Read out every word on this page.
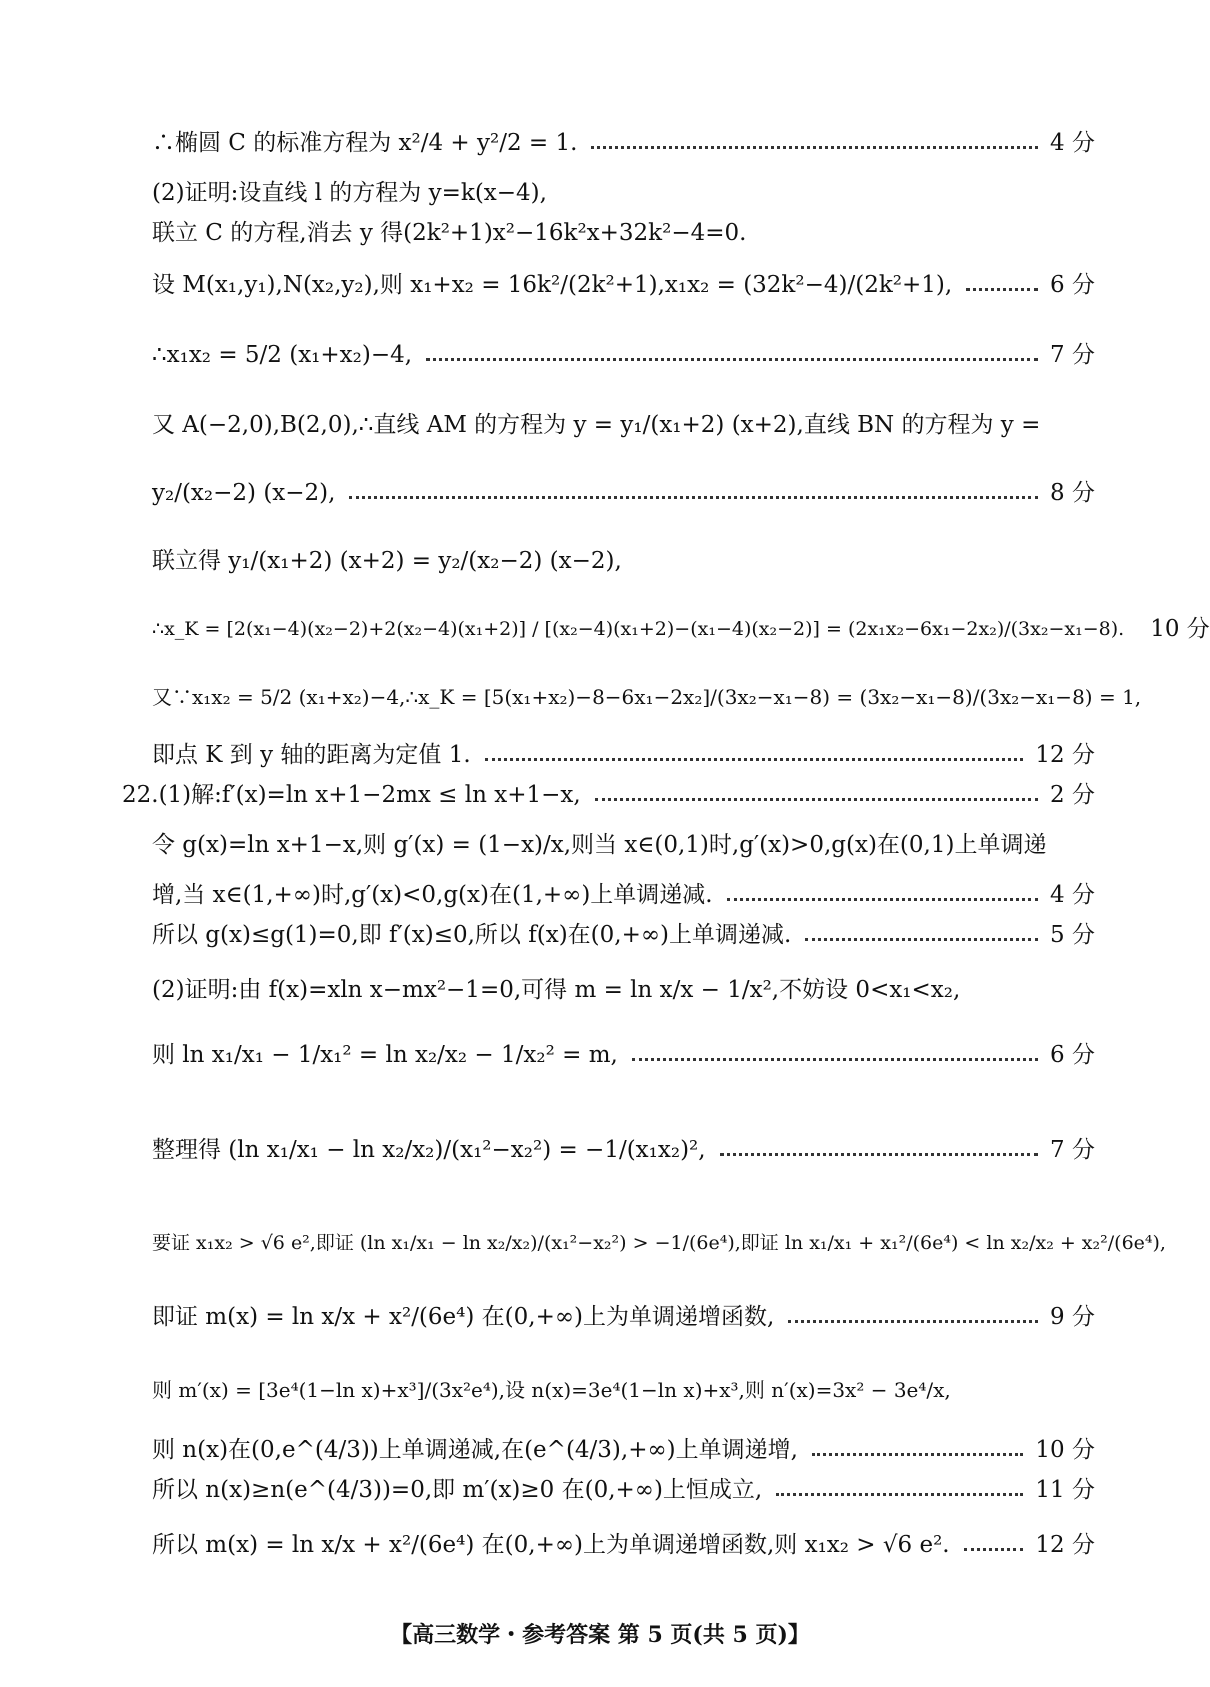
∴椭圆 C 的标准方程为 x²/4 + y²/2 = 1.	4 分
(2)证明:设直线 l 的方程为 y=k(x−4),
联立 C 的方程,消去 y 得(2k²+1)x²−16k²x+32k²−4=0.
设 M(x₁,y₁),N(x₂,y₂),则 x₁+x₂ = 16k²/(2k²+1),x₁x₂ = (32k²−4)/(2k²+1),	6 分
∴x₁x₂ = 5/2 (x₁+x₂)−4,	7 分
又 A(−2,0),B(2,0),∴直线 AM 的方程为 y = y₁/(x₁+2) (x+2),直线 BN 的方程为 y =
y₂/(x₂−2) (x−2),	8 分
联立得 y₁/(x₁+2) (x+2) = y₂/(x₂−2) (x−2),
∴x_K = [2(x₁−4)(x₂−2)+2(x₂−4)(x₁+2)] / [(x₂−4)(x₁+2)−(x₁−4)(x₂−2)] = (2x₁x₂−6x₁−2x₂)/(3x₂−x₁−8). 10 分
又∵x₁x₂ = 5/2 (x₁+x₂)−4,∴x_K = [5(x₁+x₂)−8−6x₁−2x₂]/(3x₂−x₁−8) = (3x₂−x₁−8)/(3x₂−x₁−8) = 1,
即点 K 到 y 轴的距离为定值 1.	12 分
22.(1)解:f′(x)=ln x+1−2mx ≤ ln x+1−x,	2 分
令 g(x)=ln x+1−x,则 g′(x) = (1−x)/x,则当 x∈(0,1)时,g′(x)>0,g(x)在(0,1)上单调递
增,当 x∈(1,+∞)时,g′(x)<0,g(x)在(1,+∞)上单调递减.	4 分
所以 g(x)≤g(1)=0,即 f′(x)≤0,所以 f(x)在(0,+∞)上单调递减.	5 分
(2)证明:由 f(x)=xln x−mx²−1=0,可得 m = ln x/x − 1/x²,不妨设 0<x₁<x₂,
则 ln x₁/x₁ − 1/x₁² = ln x₂/x₂ − 1/x₂² = m,	6 分
整理得 (ln x₁/x₁ − ln x₂/x₂)/(x₁²−x₂²) = −1/(x₁x₂)²,	7 分
要证 x₁x₂ > √6 e²,即证 (ln x₁/x₁ − ln x₂/x₂)/(x₁²−x₂²) > −1/(6e⁴),即证 ln x₁/x₁ + x₁²/(6e⁴) < ln x₂/x₂ + x₂²/(6e⁴),
即证 m(x) = ln x/x + x²/(6e⁴) 在(0,+∞)上为单调递增函数,	9 分
则 m′(x) = [3e⁴(1−ln x)+x³]/(3x²e⁴),设 n(x)=3e⁴(1−ln x)+x³,则 n′(x)=3x² − 3e⁴/x,
则 n(x)在(0,e^(4/3))上单调递减,在(e^(4/3),+∞)上单调递增,	10 分
所以 n(x)≥n(e^(4/3))=0,即 m′(x)≥0 在(0,+∞)上恒成立,	11 分
所以 m(x) = ln x/x + x²/(6e⁴) 在(0,+∞)上为单调递增函数,则 x₁x₂ > √6 e².	12 分
【高三数学・参考答案 第 5 页(共 5 页)】
